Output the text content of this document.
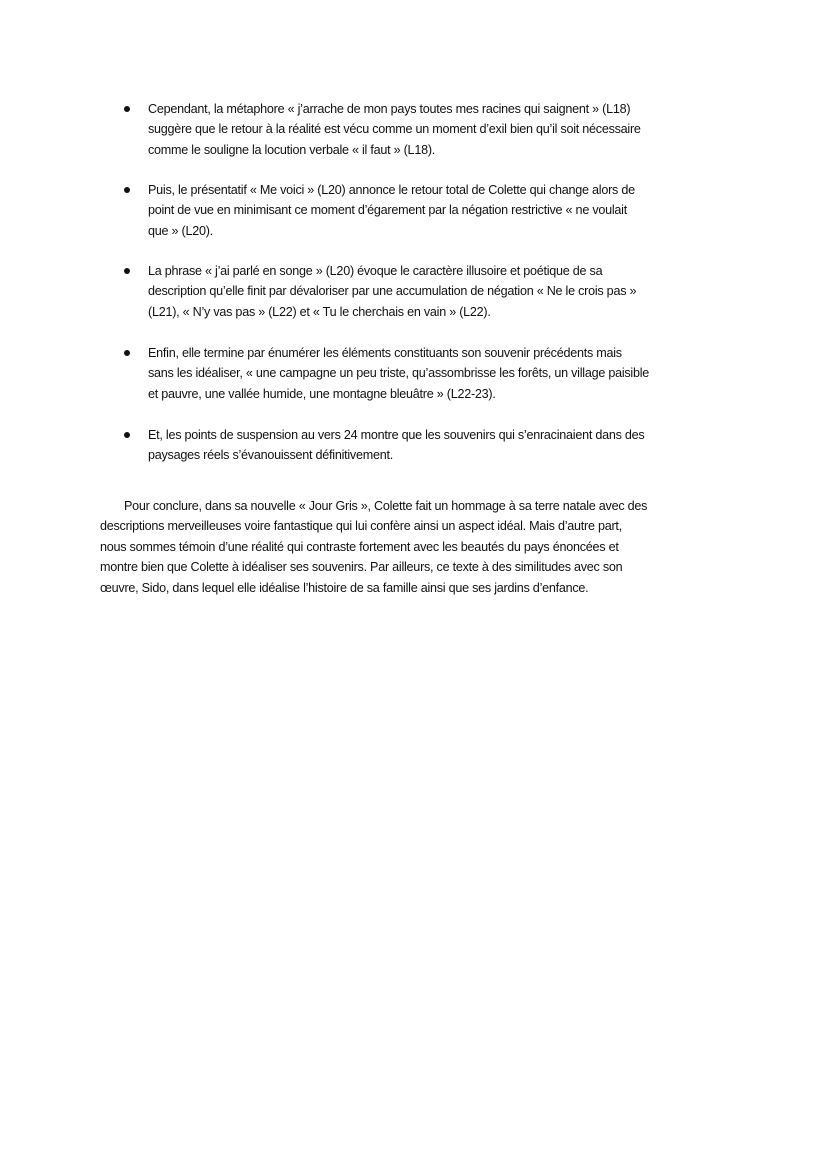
Cependant, la métaphore « j’arrache de mon pays toutes mes racines qui saignent » (L18)
suggère que le retour à la réalité est vécu comme un moment d’exil bien qu’il soit nécessaire
comme le souligne la locution verbale « il faut » (L18).
Puis, le présentatif « Me voici » (L20) annonce le retour total de Colette qui change alors de
point de vue en minimisant ce moment d’égarement par la négation restrictive « ne voulait
que » (L20).
La phrase « j’ai parlé en songe » (L20) évoque le caractère illusoire et poétique de sa
description qu’elle finit par dévaloriser par une accumulation de négation « Ne le crois pas »
(L21), « N’y vas pas » (L22) et « Tu le cherchais en vain » (L22).
Enfin, elle termine par énumérer les éléments constituants son souvenir précédents mais
sans les idéaliser, « une campagne un peu triste, qu’assombrisse les forêts, un village paisible
et pauvre, une vallée humide, une montagne bleuâtre » (L22-23).
Et, les points de suspension au vers 24 montre que les souvenirs qui s’enracinaient dans des
paysages réels s’évanouissent définitivement.
Pour conclure, dans sa nouvelle « Jour Gris », Colette fait un hommage à sa terre natale avec des
descriptions merveilleuses voire fantastique qui lui confère ainsi un aspect idéal. Mais d’autre part,
nous sommes témoin d’une réalité qui contraste fortement avec les beautés du pays énoncées et
montre bien que Colette à idéaliser ses souvenirs. Par ailleurs, ce texte à des similitudes avec son
œuvre, Sido, dans lequel elle idéalise l’histoire de sa famille ainsi que ses jardins d’enfance.
